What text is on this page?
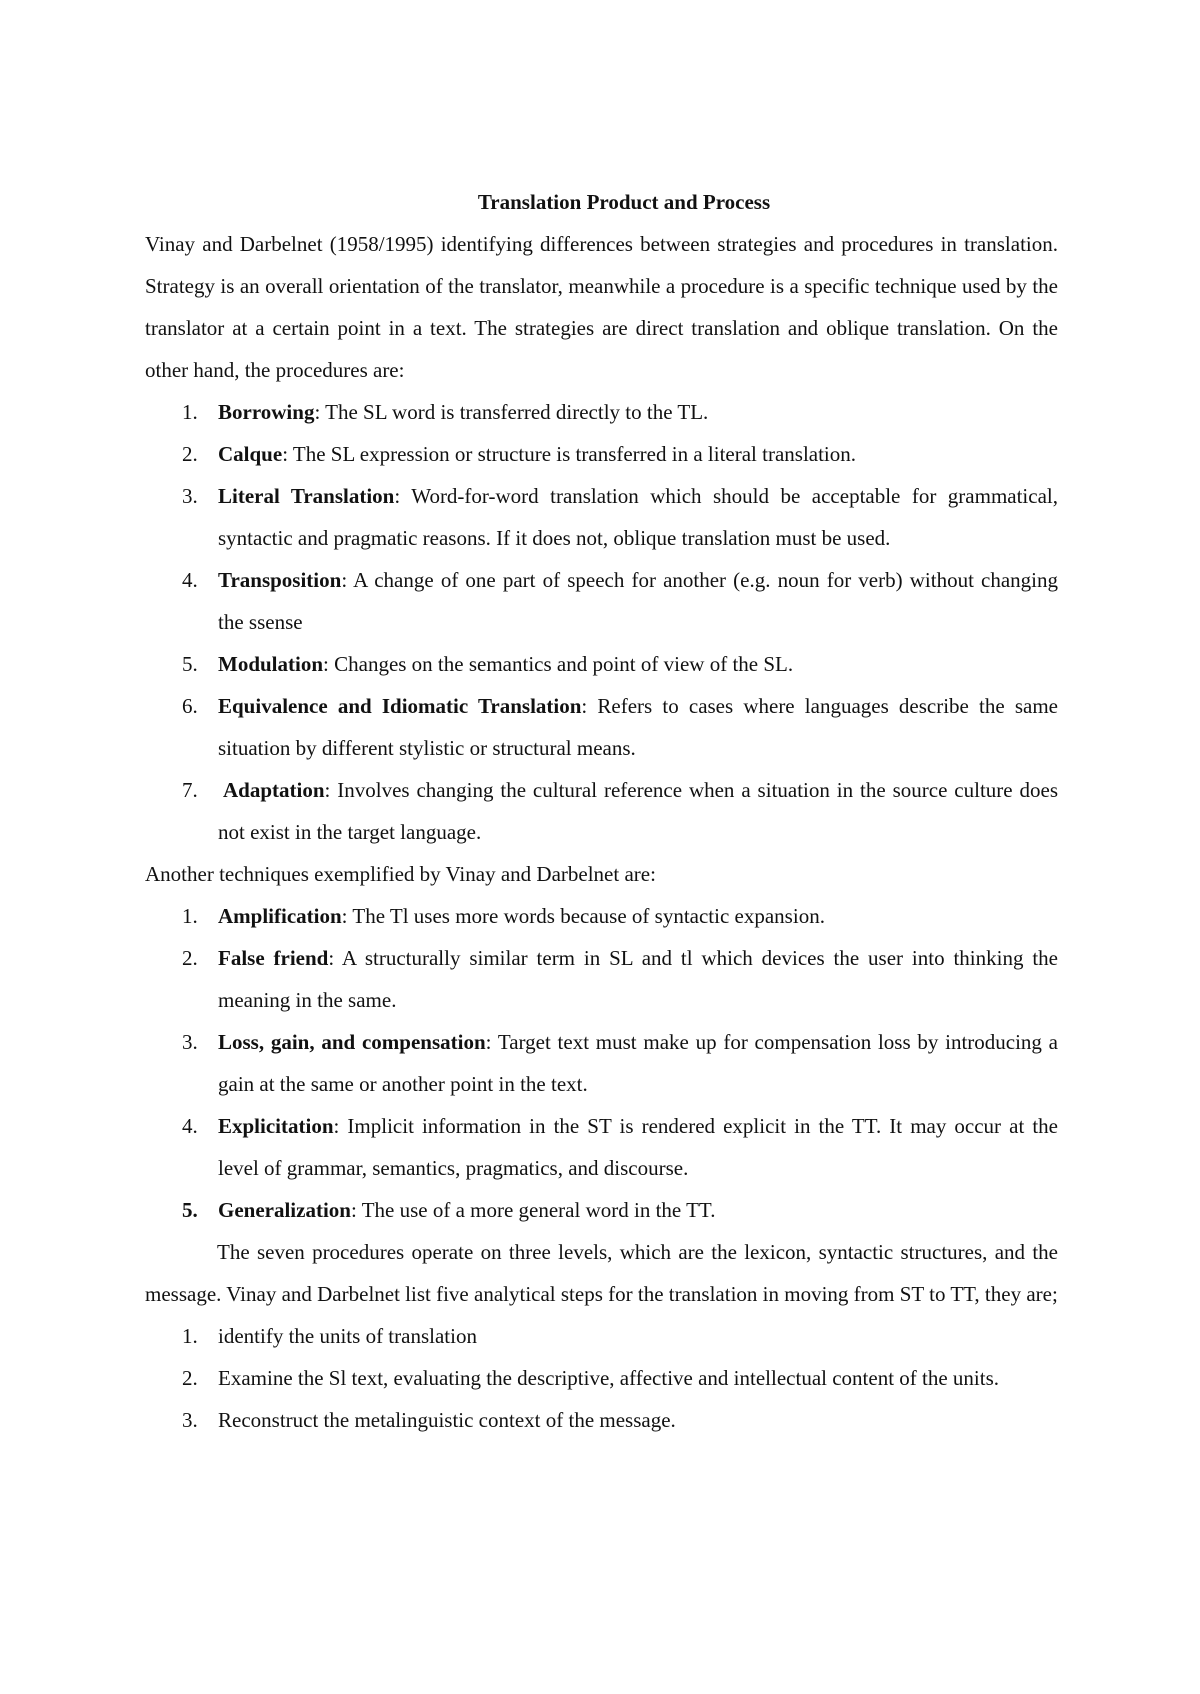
Translation Product and Process

Vinay and Darbelnet (1958/1995) identifying differences between strategies and procedures in translation. Strategy is an overall orientation of the translator, meanwhile a procedure is a specific technique used by the translator at a certain point in a text. The strategies are direct translation and oblique translation. On the other hand, the procedures are:

1. Borrowing: The SL word is transferred directly to the TL.
2. Calque: The SL expression or structure is transferred in a literal translation.
3. Literal Translation: Word-for-word translation which should be acceptable for grammatical, syntactic and pragmatic reasons. If it does not, oblique translation must be used.
4. Transposition: A change of one part of speech for another (e.g. noun for verb) without changing the ssense
5. Modulation: Changes on the semantics and point of view of the SL.
6. Equivalence and Idiomatic Translation: Refers to cases where languages describe the same situation by different stylistic or structural means.
7. Adaptation: Involves changing the cultural reference when a situation in the source culture does not exist in the target language.

Another techniques exemplified by Vinay and Darbelnet are:

1. Amplification: The Tl uses more words because of syntactic expansion.
2. False friend: A structurally similar term in SL and tl which devices the user into thinking the meaning in the same.
3. Loss, gain, and compensation: Target text must make up for compensation loss by introducing a gain at the same or another point in the text.
4. Explicitation: Implicit information in the ST is rendered explicit in the TT. It may occur at the level of grammar, semantics, pragmatics, and discourse.
5. Generalization: The use of a more general word in the TT.

The seven procedures operate on three levels, which are the lexicon, syntactic structures, and the message. Vinay and Darbelnet list five analytical steps for the translation in moving from ST to TT, they are;

1. identify the units of translation
2. Examine the Sl text, evaluating the descriptive, affective and intellectual content of the units.
3. Reconstruct the metalinguistic context of the message.
